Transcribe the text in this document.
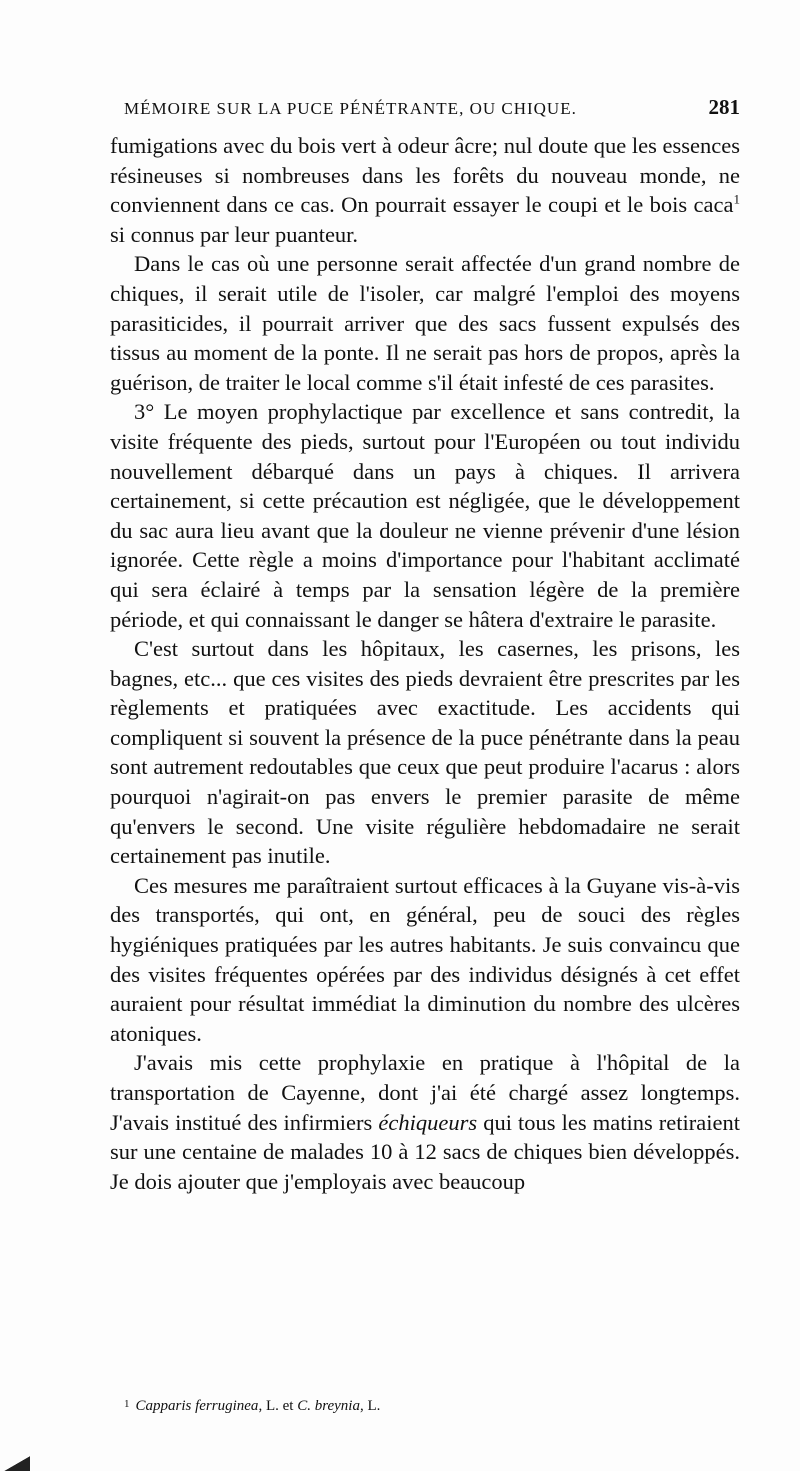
MÉMOIRE SUR LA PUCE PÉNÉTRANTE, OU CHIQUE.	281

fumigations avec du bois vert à odeur âcre; nul doute que les essences résineuses si nombreuses dans les forêts du nouveau monde, ne conviennent dans ce cas. On pourrait essayer le coupi et le bois caca$^1$ si connus par leur puanteur.

Dans le cas où une personne serait affectée d'un grand nombre de chiques, il serait utile de l'isoler, car malgré l'emploi des moyens parasiticides, il pourrait arriver que des sacs fussent expulsés des tissus au moment de la ponte. Il ne serait pas hors de propos, après la guérison, de traiter le local comme s'il était infesté de ces parasites.

3° Le moyen prophylactique par excellence et sans contredit, la visite fréquente des pieds, surtout pour l'Européen ou tout individu nouvellement débarqué dans un pays à chiques. Il arrivera certainement, si cette précaution est négligée, que le développement du sac aura lieu avant que la douleur ne vienne prévenir d'une lésion ignorée. Cette règle a moins d'importance pour l'habitant acclimaté qui sera éclairé à temps par la sensation légère de la première période, et qui connaissant le danger se hâtera d'extraire le parasite.

C'est surtout dans les hôpitaux, les casernes, les prisons, les bagnes, etc... que ces visites des pieds devraient être prescrites par les règlements et pratiquées avec exactitude. Les accidents qui compliquent si souvent la présence de la puce pénétrante dans la peau sont autrement redoutables que ceux que peut produire l'acarus : alors pourquoi n'agirait-on pas envers le premier parasite de même qu'envers le second. Une visite régulière hebdomadaire ne serait certainement pas inutile.

Ces mesures me paraîtraient surtout efficaces à la Guyane vis-à-vis des transportés, qui ont, en général, peu de souci des règles hygiéniques pratiquées par les autres habitants. Je suis convaincu que des visites fréquentes opérées par des individus désignés à cet effet auraient pour résultat immédiat la diminution du nombre des ulcères atoniques.

J'avais mis cette prophylaxie en pratique à l'hôpital de la transportation de Cayenne, dont j'ai été chargé assez longtemps. J'avais institué des infirmiers échiqueurs qui tous les matins retiraient sur une centaine de malades 10 à 12 sacs de chiques bien développés. Je dois ajouter que j'employais avec beaucoup

$^1$ Capparis ferruginea, L. et C. breynia, L.
